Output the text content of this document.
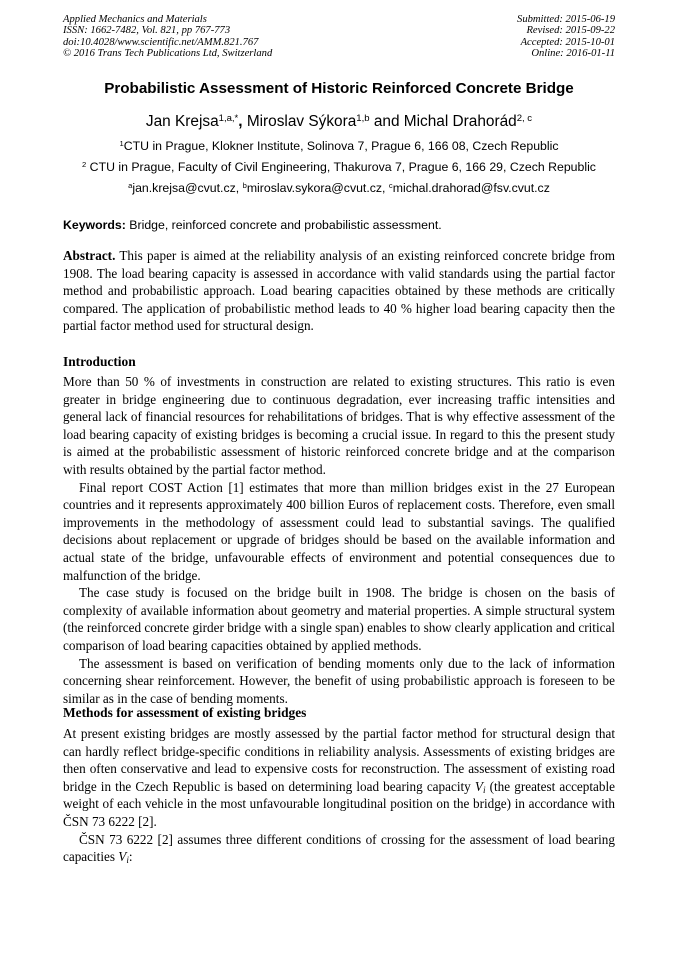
Applied Mechanics and Materials
ISSN: 1662-7482, Vol. 821, pp 767-773
doi:10.4028/www.scientific.net/AMM.821.767
© 2016 Trans Tech Publications Ltd, Switzerland
Submitted: 2015-06-19
Revised: 2015-09-22
Accepted: 2015-10-01
Online: 2016-01-11
Probabilistic Assessment of Historic Reinforced Concrete Bridge
Jan Krejsa$^{1,a,*}$, Miroslav Sýkora$^{1,b}$ and Michal Drahorád$^{2, c}$
$^1$CTU in Prague, Klokner Institute, Solinova 7, Prague 6, 166 08, Czech Republic
$^2$ CTU in Prague, Faculty of Civil Engineering, Thakurova 7, Prague 6, 166 29, Czech Republic
$^a$jan.krejsa@cvut.cz, $^b$miroslav.sykora@cvut.cz, $^c$michal.drahorad@fsv.cvut.cz
Keywords: Bridge, reinforced concrete and probabilistic assessment.

Abstract. This paper is aimed at the reliability analysis of an existing reinforced concrete bridge from 1908. The load bearing capacity is assessed in accordance with valid standards using the partial factor method and probabilistic approach. Load bearing capacities obtained by these methods are critically compared. The application of probabilistic method leads to 40 % higher load bearing capacity then the partial factor method used for structural design.

Introduction

More than 50 % of investments in construction are related to existing structures. This ratio is even greater in bridge engineering due to continuous degradation, ever increasing traffic intensities and general lack of financial resources for rehabilitations of bridges. That is why effective assessment of the load bearing capacity of existing bridges is becoming a crucial issue. In regard to this the present study is aimed at the probabilistic assessment of historic reinforced concrete bridge and at the comparison with results obtained by the partial factor method.

Final report COST Action [1] estimates that more than million bridges exist in the 27 European countries and it represents approximately 400 billion Euros of replacement costs. Therefore, even small improvements in the methodology of assessment could lead to substantial savings. The qualified decisions about replacement or upgrade of bridges should be based on the available information and actual state of the bridge, unfavourable effects of environment and potential consequences due to malfunction of the bridge.

The case study is focused on the bridge built in 1908. The bridge is chosen on the basis of complexity of available information about geometry and material properties. A simple structural system (the reinforced concrete girder bridge with a single span) enables to show clearly application and critical comparison of load bearing capacities obtained by applied methods.

The assessment is based on verification of bending moments only due to the lack of information concerning shear reinforcement. However, the benefit of using probabilistic approach is foreseen to be similar as in the case of bending moments.

Methods for assessment of existing bridges

At present existing bridges are mostly assessed by the partial factor method for structural design that can hardly reflect bridge-specific conditions in reliability analysis. Assessments of existing bridges are then often conservative and lead to expensive costs for reconstruction. The assessment of existing road bridge in the Czech Republic is based on determining load bearing capacity $V_i$ (the greatest acceptable weight of each vehicle in the most unfavourable longitudinal position on the bridge) in accordance with ČSN 73 6222 [2].

ČSN 73 6222 [2] assumes three different conditions of crossing for the assessment of load bearing capacities $V_i$:
